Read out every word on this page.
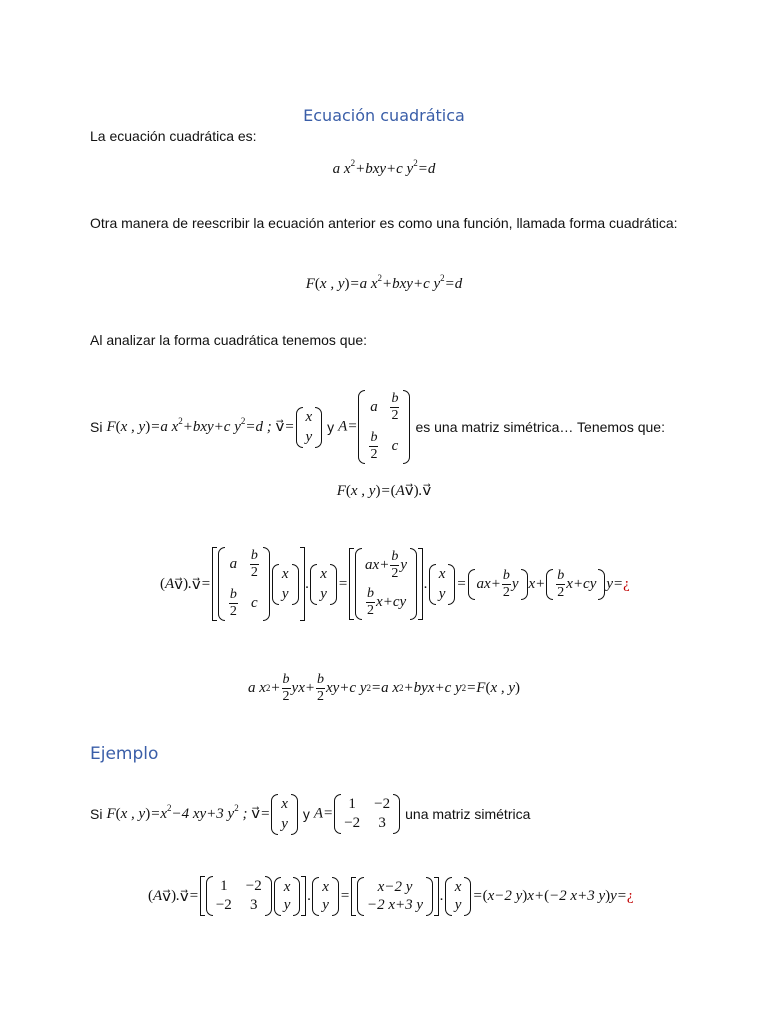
Ecuación cuadrática
La ecuación cuadrática es:
a $x^2+bxy+c$ $y^2=d$
Otra manera de reescribir la ecuación anterior es como una función, llamada forma cuadrática:
F(x , y)=a $x^2+bxy+c$ $y^2=d$
Al analizar la forma cuadrática tenemos que:
Si F(x , y)=a $x^2+bxy+c$ $y^2=d$ ; v⃗=
x
y
y A=
a $\frac{b}{2}$
$\frac{b}{2}$ c
es una matriz simétrica… Tenemos que:
F(x , y)=(Av⃗).v⃗
( A v⃗ ) . v⃗ =
a $\frac{b}{2}$
$\frac{b}{2}$ c
x
y
.
x
y
=
$ax+ \frac{b}{2}$ y
$\frac{b}{2} x+cy$
.
x
y
= $ax+ \frac{b}{2}$ y $x+ \frac{b}{2} x+cy$ y= ¿
a x $2 + \frac{b}{2} yx+ \frac{b}{2} xy+c$ y 2 =a x 2 +byx+c y 2 =F ( x , y )
Ejemplo
Si F(x , $y)=x^2-4$ xy+3 $y^2$ ; v⃗=
x
y
y A=
1 −2
−2 3
una matriz simétrica
( A v⃗ ) . v⃗ =
1 −2
−2 3
x
y
.
x
y
=
x−2 y
−2 x+3 y
.
x
y
= ( x−2 y ) x+ ( −2 x+3 y ) y= ¿
